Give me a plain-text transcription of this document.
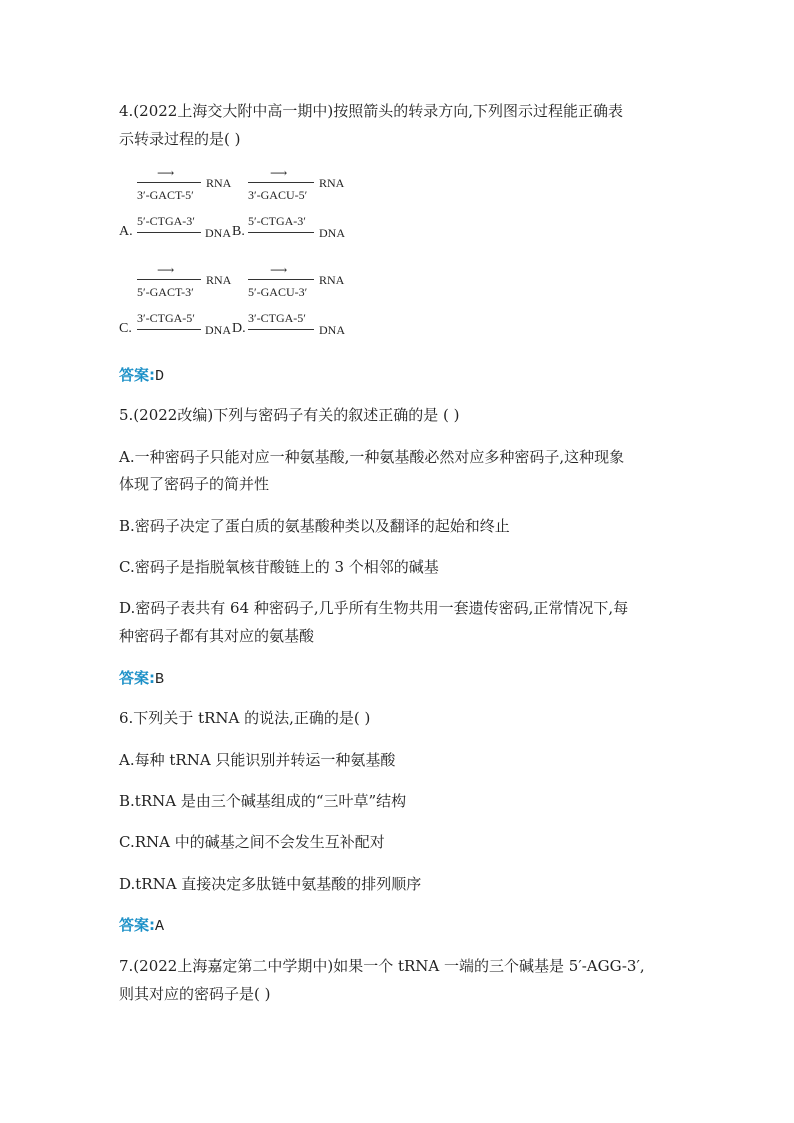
4.(2022上海交大附中高一期中)按照箭头的转录方向,下列图示过程能正确表
示转录过程的是( )
⟶
RNA
3′-GACT-5′
⟶
RNA
3′-GACU-5′
A.
5′-CTGA-3′
DNA B.
5′-CTGA-3′
DNA
⟶
RNA
5′-GACT-3′
⟶
RNA
5′-GACU-3′
C.
3′-CTGA-5′
DNA D.
3′-CTGA-5′
DNA
答案:D
5.(2022改编)下列与密码子有关的叙述正确的是 ( )
A.一种密码子只能对应一种氨基酸,一种氨基酸必然对应多种密码子,这种现象
体现了密码子的简并性
B.密码子决定了蛋白质的氨基酸种类以及翻译的起始和终止
C.密码子是指脱氧核苷酸链上的 3 个相邻的碱基
D.密码子表共有 64 种密码子,几乎所有生物共用一套遗传密码,正常情况下,每
种密码子都有其对应的氨基酸
答案:B
6.下列关于 tRNA 的说法,正确的是( )
A.每种 tRNA 只能识别并转运一种氨基酸
B.tRNA 是由三个碱基组成的“三叶草”结构
C.RNA 中的碱基之间不会发生互补配对
D.tRNA 直接决定多肽链中氨基酸的排列顺序
答案:A
7.(2022上海嘉定第二中学期中)如果一个 tRNA 一端的三个碱基是 5′-AGG-3′,
则其对应的密码子是( )
